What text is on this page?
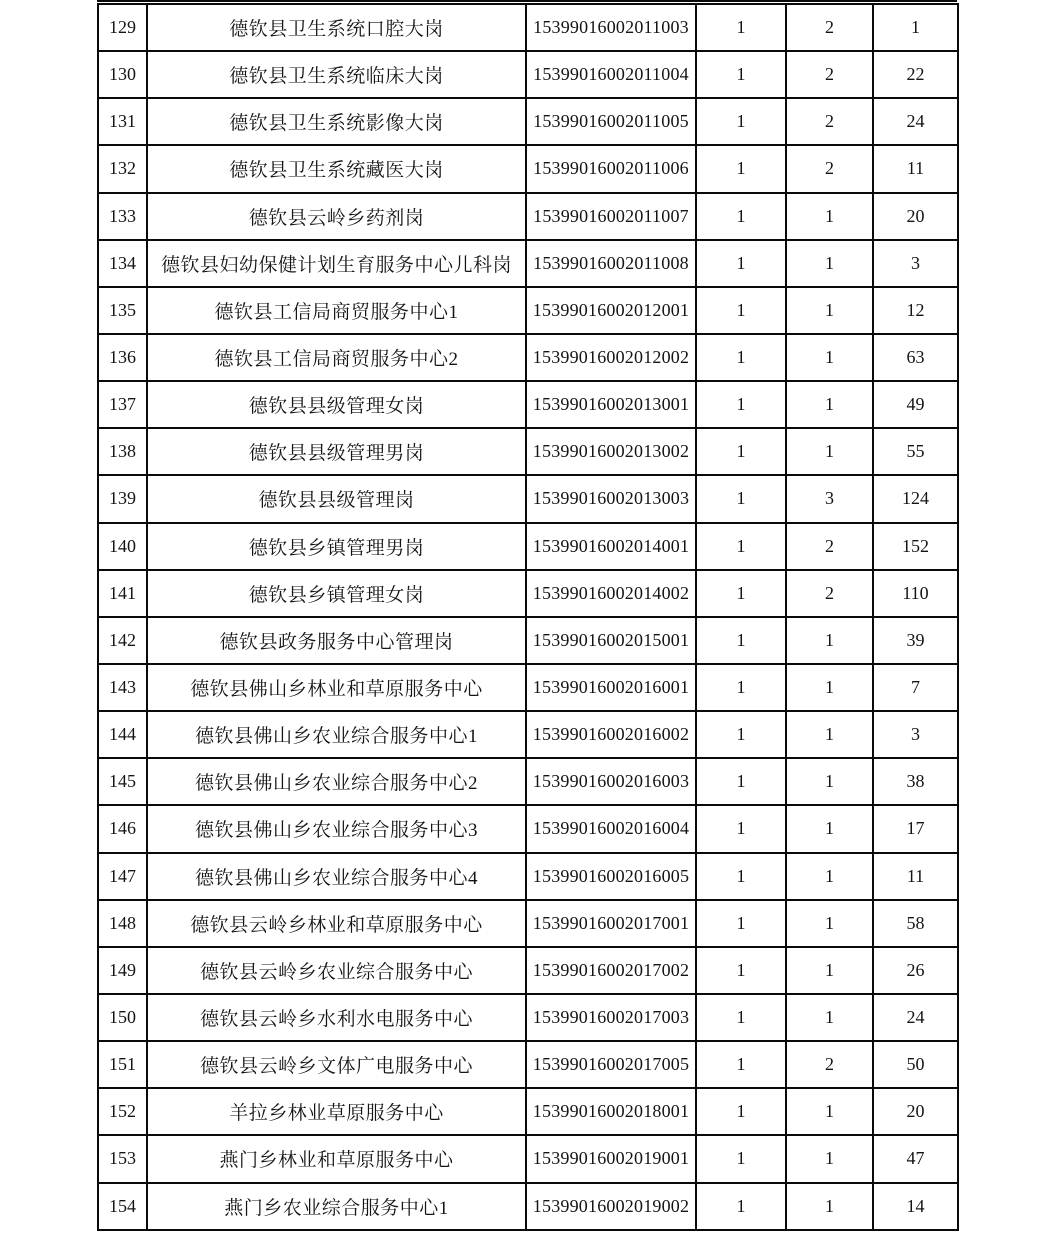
129	德钦县卫生系统口腔大岗	15399016002011003	1	2	1
130	德钦县卫生系统临床大岗	15399016002011004	1	2	22
131	德钦县卫生系统影像大岗	15399016002011005	1	2	24
132	德钦县卫生系统藏医大岗	15399016002011006	1	2	11
133	德钦县云岭乡药剂岗	15399016002011007	1	1	20
134	德钦县妇幼保健计划生育服务中心儿科岗	15399016002011008	1	1	3
135	德钦县工信局商贸服务中心1	15399016002012001	1	1	12
136	德钦县工信局商贸服务中心2	15399016002012002	1	1	63
137	德钦县县级管理女岗	15399016002013001	1	1	49
138	德钦县县级管理男岗	15399016002013002	1	1	55
139	德钦县县级管理岗	15399016002013003	1	3	124
140	德钦县乡镇管理男岗	15399016002014001	1	2	152
141	德钦县乡镇管理女岗	15399016002014002	1	2	110
142	德钦县政务服务中心管理岗	15399016002015001	1	1	39
143	德钦县佛山乡林业和草原服务中心	15399016002016001	1	1	7
144	德钦县佛山乡农业综合服务中心1	15399016002016002	1	1	3
145	德钦县佛山乡农业综合服务中心2	15399016002016003	1	1	38
146	德钦县佛山乡农业综合服务中心3	15399016002016004	1	1	17
147	德钦县佛山乡农业综合服务中心4	15399016002016005	1	1	11
148	德钦县云岭乡林业和草原服务中心	15399016002017001	1	1	58
149	德钦县云岭乡农业综合服务中心	15399016002017002	1	1	26
150	德钦县云岭乡水利水电服务中心	15399016002017003	1	1	24
151	德钦县云岭乡文体广电服务中心	15399016002017005	1	2	50
152	羊拉乡林业草原服务中心	15399016002018001	1	1	20
153	燕门乡林业和草原服务中心	15399016002019001	1	1	47
154	燕门乡农业综合服务中心1	15399016002019002	1	1	14
